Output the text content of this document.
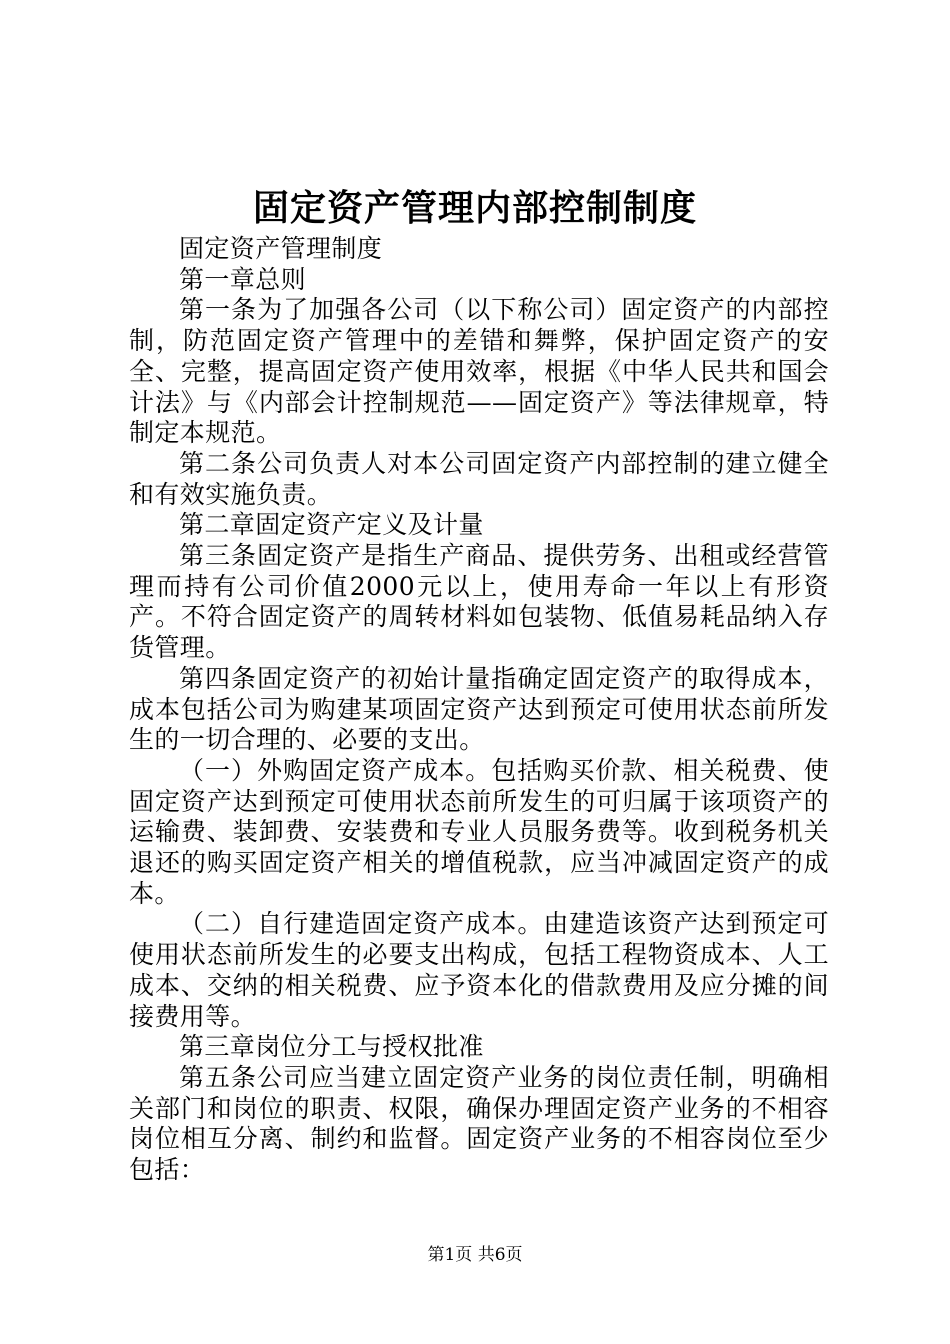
固定资产管理内部控制制度

固定资产管理制度

第一章总则

第一条为了加强各公司（以下称公司）固定资产的内部控制，防范固定资产管理中的差错和舞弊，保护固定资产的安全、完整，提高固定资产使用效率，根据《中华人民共和国会计法》与《内部会计控制规范——固定资产》等法律规章，特制定本规范。

第二条公司负责人对本公司固定资产内部控制的建立健全和有效实施负责。

第二章固定资产定义及计量

第三条固定资产是指生产商品、提供劳务、出租或经营管理而持有公司价值2000元以上，使用寿命一年以上有形资产。不符合固定资产的周转材料如包装物、低值易耗品纳入存货管理。

第四条固定资产的初始计量指确定固定资产的取得成本，成本包括公司为购建某项固定资产达到预定可使用状态前所发生的一切合理的、必要的支出。

（一）外购固定资产成本。包括购买价款、相关税费、使固定资产达到预定可使用状态前所发生的可归属于该项资产的运输费、装卸费、安装费和专业人员服务费等。收到税务机关退还的购买固定资产相关的增值税款，应当冲减固定资产的成本。

（二）自行建造固定资产成本。由建造该资产达到预定可使用状态前所发生的必要支出构成，包括工程物资成本、人工成本、交纳的相关税费、应予资本化的借款费用及应分摊的间接费用等。

第三章岗位分工与授权批准

第五条公司应当建立固定资产业务的岗位责任制，明确相关部门和岗位的职责、权限，确保办理固定资产业务的不相容岗位相互分离、制约和监督。固定资产业务的不相容岗位至少包括：

第1页 共6页
